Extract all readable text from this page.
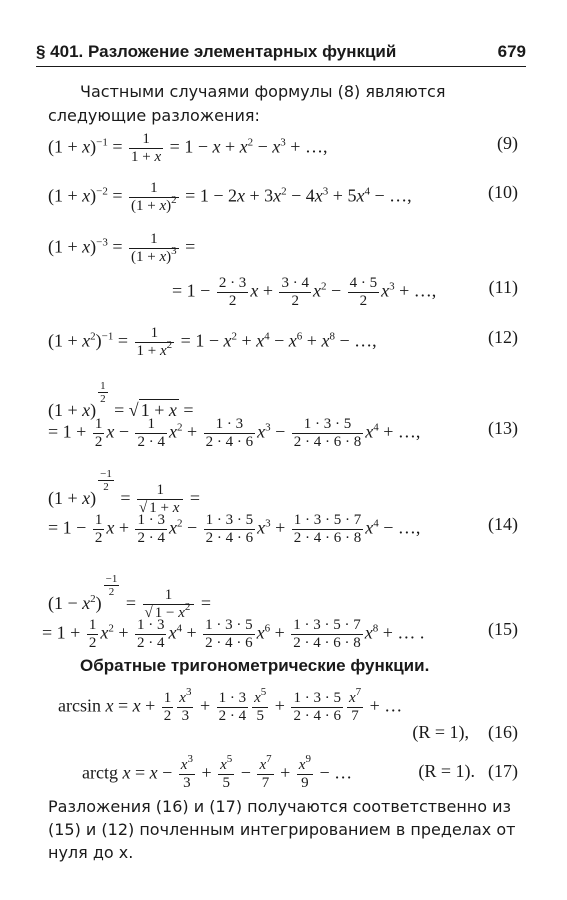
§ 401. Разложение элементарных функций	679
Частными случаями формулы (8) являются следующие разложения:
$(1 + x)^{-1} = \frac{1}{1 + x} = 1 - x + x^2 - x^3$ + …,	(9)
$(1 + x)^{-2} = \frac{1}{(1 + x)^2} = 1 - 2x + 3x^2 - 4x^3 + 5x^4$ − …,	(10)
$(1 + x)^{-3} = \frac{1}{(1 + x)^3}$ =
= $1 - \frac{2 \cdot 3}{2}$ $x + \frac{3 \cdot 4}{2} x^2 - \frac{4 \cdot 5}{2} x^3$ + …,	(11)
$(1 + x^2)^{-1} = \frac{1}{1 + x^2} = 1 - x^2 + x^4 - x^6 + x^8$ − …,	(12)
(1 + x)
$\frac{1}{2}$
= √ 1 + x =
= $1 + \frac{1}{2}$ $x - \frac{1}{2 \cdot 4} x^2 + \frac{1 \cdot 3}{2 \cdot 4 \cdot 6} x^3 - \frac{1 \cdot 3 \cdot 5}{2 \cdot 4 \cdot 6 \cdot 8} x^4$ + …,	(13)
(1 + x)
$\frac{-1}{2}$
= $\frac{1}{√ 1 + x}$ =
= $1 - \frac{1}{2}$ $x + \frac{1 \cdot 3}{2 \cdot 4} x^2 - \frac{1 \cdot 3 \cdot 5}{2 \cdot 4 \cdot 6} x^3 + \frac{1 \cdot 3 \cdot 5 \cdot 7}{2 \cdot 4 \cdot 6 \cdot 8} x^4$ − …,	(14)
$(1 - x^2)$
$\frac{-1}{2}$
= $\frac{1}{√ 1 - x^2}$ =
= $1 + \frac{1}{2} x^2 + \frac{1 \cdot 3}{2 \cdot 4} x^4 + \frac{1 \cdot 3 \cdot 5}{2 \cdot 4 \cdot 6} x^6 + \frac{1 \cdot 3 \cdot 5 \cdot 7}{2 \cdot 4 \cdot 6 \cdot 8} x^8$ + … .	(15)
Обратные тригонометрические функции.
$\arcsin x = x + \frac{1}{2} \frac{x^3}{3} + \frac{1 \cdot 3}{2 \cdot 4} \frac{x^5}{5} + \frac{1 \cdot 3 \cdot 5}{2 \cdot 4 \cdot 6} \frac{x^7}{7}$ + …
(R = 1), (16)
arctg $x = x - \frac{x^3}{3} + \frac{x^5}{5} - \frac{x^7}{7} + \frac{x^9}{9}$ − …	(R = 1). (17)
Разложения (16) и (17) получаются соответственно из (15) и (12) почленным интегрированием в пределах от нуля до x.
